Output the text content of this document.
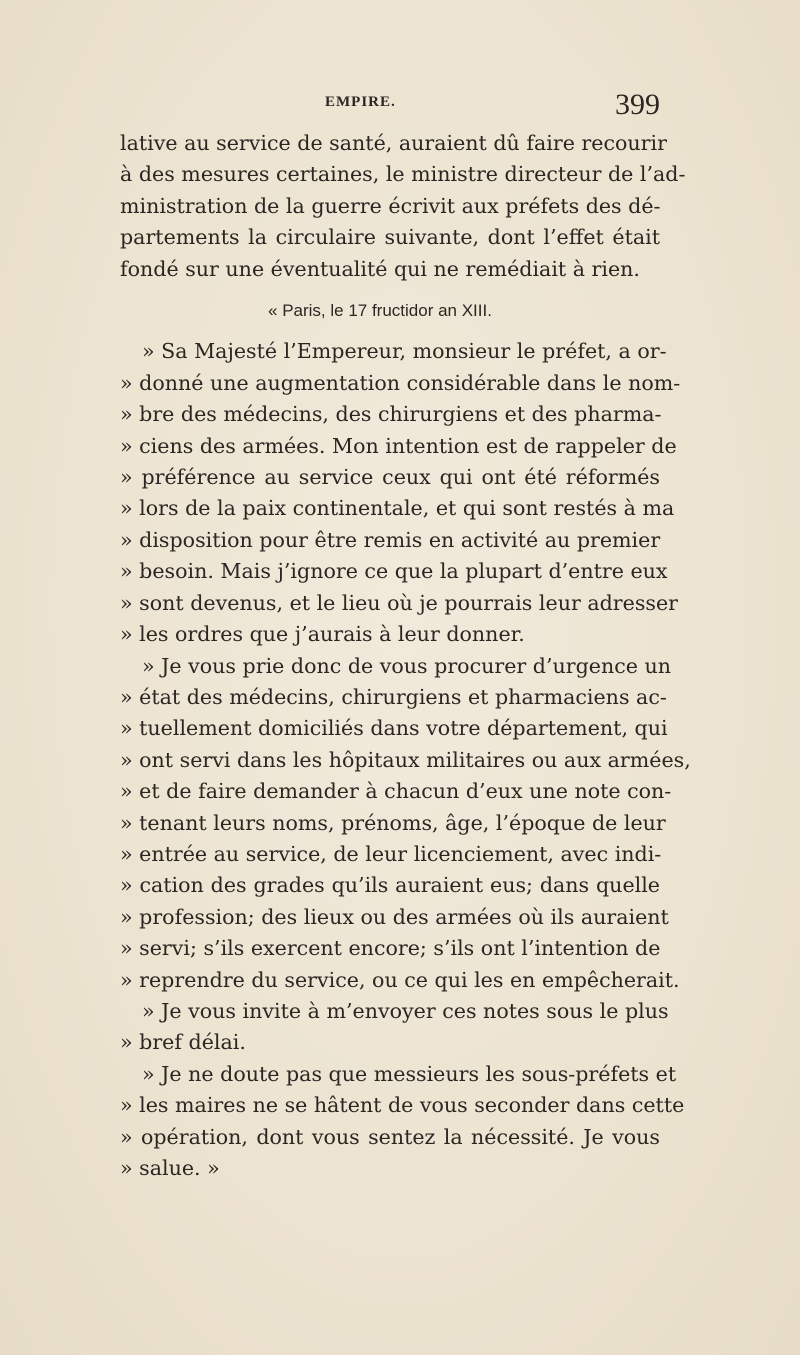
EMPIRE.	399
lative au service de santé, auraient dû faire recourir
à des mesures certaines, le ministre directeur de l’ad-
ministration de la guerre écrivit aux préfets des dé-
partements la circulaire suivante, dont l’effet était
fondé sur une éventualité qui ne remédiait à rien.
« Paris, le 17 fructidor an XIII.
» Sa Majesté l’Empereur, monsieur le préfet, a or-
» donné une augmentation considérable dans le nom-
» bre des médecins, des chirurgiens et des pharma-
» ciens des armées. Mon intention est de rappeler de
» préférence au service ceux qui ont été réformés
» lors de la paix continentale, et qui sont restés à ma
» disposition pour être remis en activité au premier
» besoin. Mais j’ignore ce que la plupart d’entre eux
» sont devenus, et le lieu où je pourrais leur adresser
» les ordres que j’aurais à leur donner.
» Je vous prie donc de vous procurer d’urgence un
» état des médecins, chirurgiens et pharmaciens ac-
» tuellement domiciliés dans votre département, qui
» ont servi dans les hôpitaux militaires ou aux armées,
» et de faire demander à chacun d’eux une note con-
» tenant leurs noms, prénoms, âge, l’époque de leur
» entrée au service, de leur licenciement, avec indi-
» cation des grades qu’ils auraient eus; dans quelle
» profession; des lieux ou des armées où ils auraient
» servi; s’ils exercent encore; s’ils ont l’intention de
» reprendre du service, ou ce qui les en empêcherait.
» Je vous invite à m’envoyer ces notes sous le plus
» bref délai.
» Je ne doute pas que messieurs les sous-préfets et
» les maires ne se hâtent de vous seconder dans cette
» opération, dont vous sentez la nécessité. Je vous
» salue. »
